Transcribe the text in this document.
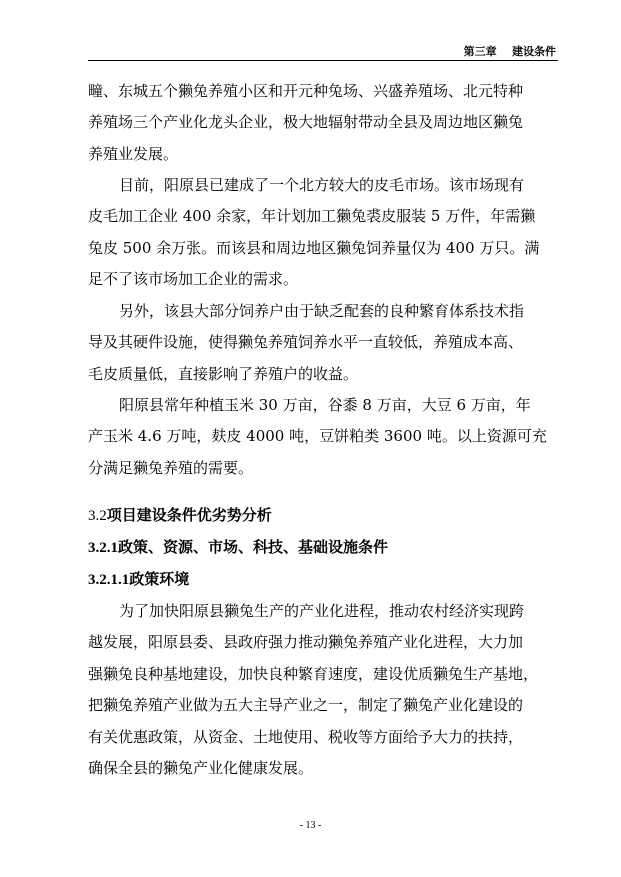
第三章 建设条件
疃、东城五个獭兔养殖小区和开元种兔场、兴盛养殖场、北元特种
养殖场三个产业化龙头企业，极大地辐射带动全县及周边地区獭兔
养殖业发展。
目前，阳原县已建成了一个北方较大的皮毛市场。该市场现有
皮毛加工企业 400 余家，年计划加工獭兔裘皮服装 5 万件，年需獭
兔皮 500 余万张。而该县和周边地区獭兔饲养量仅为 400 万只。满
足不了该市场加工企业的需求。
另外，该县大部分饲养户由于缺乏配套的良种繁育体系技术指
导及其硬件设施，使得獭兔养殖饲养水平一直较低，养殖成本高、
毛皮质量低，直接影响了养殖户的收益。
阳原县常年种植玉米 30 万亩，谷黍 8 万亩，大豆 6 万亩，年
产玉米 4.6 万吨，麸皮 4000 吨，豆饼粕类 3600 吨。以上资源可充
分满足獭兔养殖的需要。
3.2项目建设条件优劣势分析
3.2.1政策、资源、市场、科技、基础设施条件
3.2.1.1政策环境
为了加快阳原县獭兔生产的产业化进程，推动农村经济实现跨
越发展，阳原县委、县政府强力推动獭兔养殖产业化进程，大力加
强獭兔良种基地建设，加快良种繁育速度，建设优质獭兔生产基地，
把獭兔养殖产业做为五大主导产业之一，制定了獭兔产业化建设的
有关优惠政策，从资金、土地使用、税收等方面给予大力的扶持，
确保全县的獭兔产业化健康发展。
- 13 -
